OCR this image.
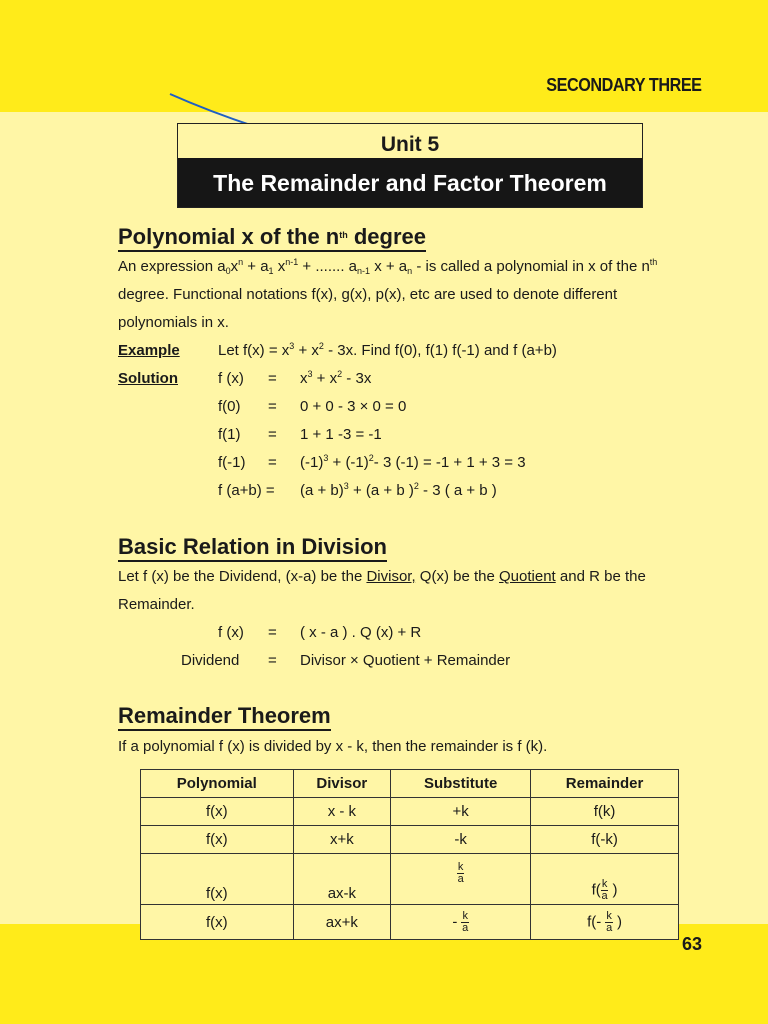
SECONDARY THREE
Unit 5
The Remainder and Factor Theorem
Polynomial x of the $n^{th}$ degree
An expression $a_0x^n + a_1$ $x^{n-1}$ + ....... $a_{n-1}$ $x + a_n$ - is called a polynomial in x of the $n^{th}$
degree. Functional notations f(x), g(x), p(x), etc are used to denote different
polynomials in x.
Example	Let $f(x) = x^3 + x^2 - 3x$. Find f(0), f(1) f(-1) and f (a+b)
Solution	f $(x) = x^3 + x^2 - 3x$
f(0) = 0 + 0 - 3 × 0 = 0
f(1) = 1 + 1 -3 = -1
$f(-1) = (-1)^3 + (-1)^2-$ 3 (-1) = -1 + 1 + 3 = 3
f $(a+b) = (a + b)^3 + (a + b$ )$^2$ - 3 ( a + b )
Basic Relation in Division
Let f (x) be the Dividend, (x-a) be the Divisor, Q(x) be the Quotient and R be the
Remainder.
f (x) = ( x - a ) . Q (x) + R
Dividend = Divisor × Quotient + Remainder
Remainder Theorem
If a polynomial f (x) is divided by x - k, then the remainder is f (k).
Polynomial	Divisor	Substitute	Remainder
f(x)	x - k	+k	f(k)
f(x)	x+k	-k	f(-k)
f(x)	ax-k	$\frac{k}{a}$	$f( \frac{k}{a}$ )
f(x)	ax+k	- $\frac{k}{a}$	$f(- \frac{k}{a}$ )
63
